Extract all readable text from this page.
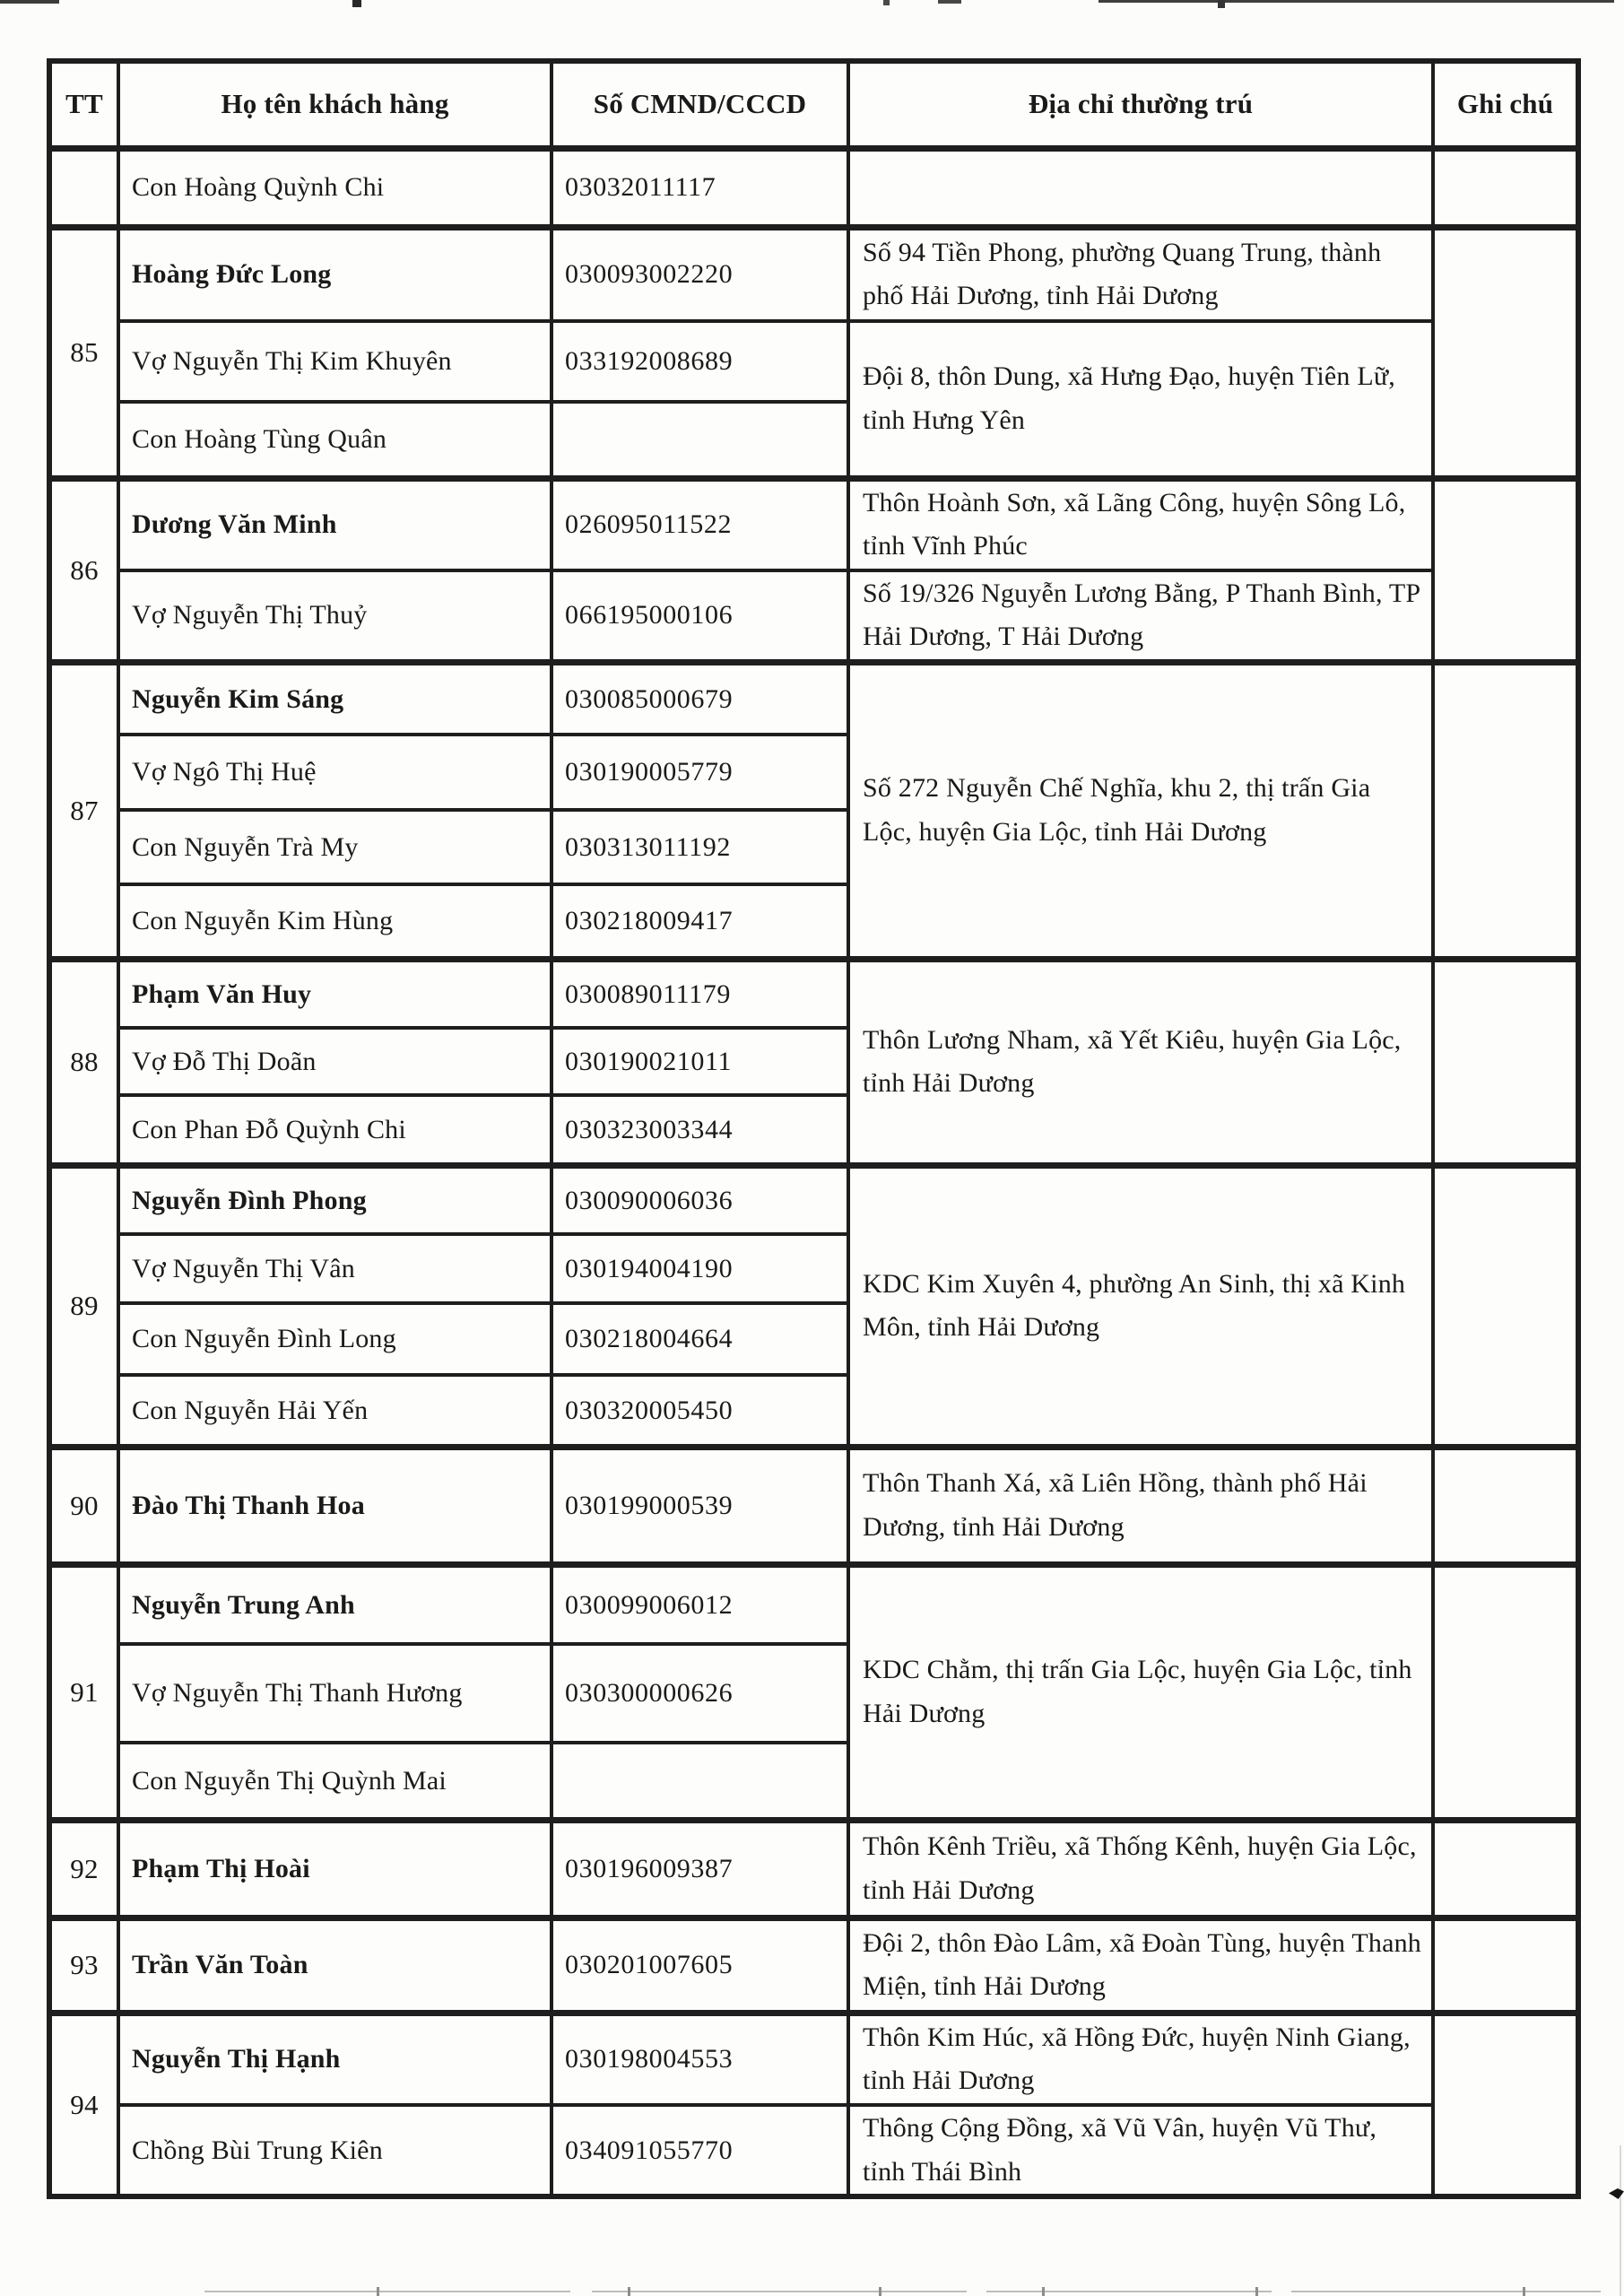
TT	Họ tên khách hàng	Số CMND/CCCD	Địa chỉ thường trú	Ghi chú
	Con Hoàng Quỳnh Chi	03032011117		
85	Hoàng Đức Long	030093002220	Số 94 Tiền Phong, phường Quang Trung, thành phố Hải Dương, tỉnh Hải Dương	
	Vợ Nguyễn Thị Kim Khuyên	033192008689	Đội 8, thôn Dung, xã Hưng Đạo, huyện Tiên Lữ, tỉnh Hưng Yên	
	Con Hoàng Tùng Quân			
86	Dương Văn Minh	026095011522	Thôn Hoành Sơn, xã Lãng Công, huyện Sông Lô, tỉnh Vĩnh Phúc	
	Vợ Nguyễn Thị Thuỷ	066195000106	Số 19/326 Nguyễn Lương Bằng, P Thanh Bình, TP Hải Dương, T Hải Dương	
87	Nguyễn Kim Sáng	030085000679	Số 272 Nguyễn Chế Nghĩa, khu 2, thị trấn Gia Lộc, huyện Gia Lộc, tỉnh Hải Dương	
	Vợ Ngô Thị Huệ	030190005779		
	Con Nguyễn Trà My	030313011192		
	Con Nguyễn Kim Hùng	030218009417		
88	Phạm Văn Huy	030089011179	Thôn Lương Nham, xã Yết Kiêu, huyện Gia Lộc, tỉnh Hải Dương	
	Vợ Đỗ Thị Doãn	030190021011		
	Con Phan Đỗ Quỳnh Chi	030323003344		
89	Nguyễn Đình Phong	030090006036	KDC Kim Xuyên 4, phường An Sinh, thị xã Kinh Môn, tỉnh Hải Dương	
	Vợ Nguyễn Thị Vân	030194004190		
	Con Nguyễn Đình Long	030218004664		
	Con Nguyễn Hải Yến	030320005450		
90	Đào Thị Thanh Hoa	030199000539	Thôn Thanh Xá, xã Liên Hồng, thành phố Hải Dương, tỉnh Hải Dương	
91	Nguyễn Trung Anh	030099006012	KDC Chằm, thị trấn Gia Lộc, huyện Gia Lộc, tỉnh Hải Dương	
	Vợ Nguyễn Thị Thanh Hương	030300000626		
	Con Nguyễn Thị Quỳnh Mai			
92	Phạm Thị Hoài	030196009387	Thôn Kênh Triều, xã Thống Kênh, huyện Gia Lộc, tỉnh Hải Dương	
93	Trần Văn Toàn	030201007605	Đội 2, thôn Đào Lâm, xã Đoàn Tùng, huyện Thanh Miện, tỉnh Hải Dương	
94	Nguyễn Thị Hạnh	030198004553	Thôn Kim Húc, xã Hồng Đức, huyện Ninh Giang, tỉnh Hải Dương	
	Chồng Bùi Trung Kiên	034091055770	Thông Cộng Đồng, xã Vũ Vân, huyện Vũ Thư, tỉnh Thái Bình	
